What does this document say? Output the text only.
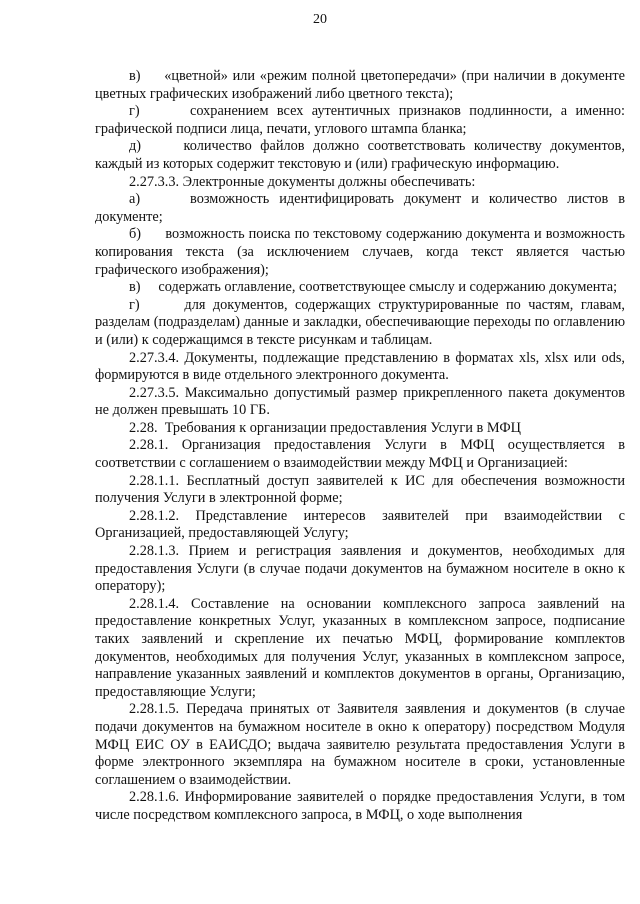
20

в)     «цветной» или «режим полной цветопередачи» (при наличии в документе цветных графических изображений либо цветного текста);

г)      сохранением всех аутентичных признаков подлинности, а именно: графической подписи лица, печати, углового штампа бланка;

д)     количество файлов должно соответствовать количеству документов, каждый из которых содержит текстовую и (или) графическую информацию.

2.27.3.3. Электронные документы должны обеспечивать:

а)     возможность идентифицировать документ и количество листов в документе;

б)      возможность поиска по текстовому содержанию документа и возможность копирования текста (за исключением случаев, когда текст является частью графического изображения);

в)     содержать оглавление, соответствующее смыслу и содержанию документа;

г)      для документов, содержащих структурированные по частям, главам, разделам (подразделам) данные и закладки, обеспечивающие переходы по оглавлению и (или) к содержащимся в тексте рисункам и таблицам.

2.27.3.4. Документы, подлежащие представлению в форматах xls, xlsx или ods, формируются в виде отдельного электронного документа.

2.27.3.5. Максимально допустимый размер прикрепленного пакета документов не должен превышать 10 ГБ.

2.28.  Требования к организации предоставления Услуги в МФЦ

2.28.1. Организация предоставления Услуги в МФЦ осуществляется в соответствии с соглашением о взаимодействии между МФЦ и Организацией:

2.28.1.1. Бесплатный доступ заявителей к ИС для обеспечения возможности получения Услуги в электронной форме;

2.28.1.2. Представление интересов заявителей при взаимодействии с Организацией, предоставляющей Услугу;

2.28.1.3. Прием и регистрация заявления и документов, необходимых для предоставления Услуги (в случае подачи документов на бумажном носителе в окно к оператору);

2.28.1.4. Составление на основании комплексного запроса заявлений на предоставление конкретных Услуг, указанных в комплексном запросе, подписание таких заявлений и скрепление их печатью МФЦ, формирование комплектов документов, необходимых для получения Услуг, указанных в комплексном запросе, направление указанных заявлений и комплектов документов в органы, Организацию, предоставляющие Услуги;

2.28.1.5. Передача принятых от Заявителя заявления и документов (в случае подачи документов на бумажном носителе в окно к оператору) посредством Модуля МФЦ ЕИС ОУ в ЕАИСДО; выдача заявителю результата предоставления Услуги в форме электронного экземпляра на бумажном носителе в сроки, установленные соглашением о взаимодействии.

2.28.1.6. Информирование заявителей о порядке предоставления Услуги, в том числе посредством комплексного запроса, в МФЦ, о ходе выполнения
